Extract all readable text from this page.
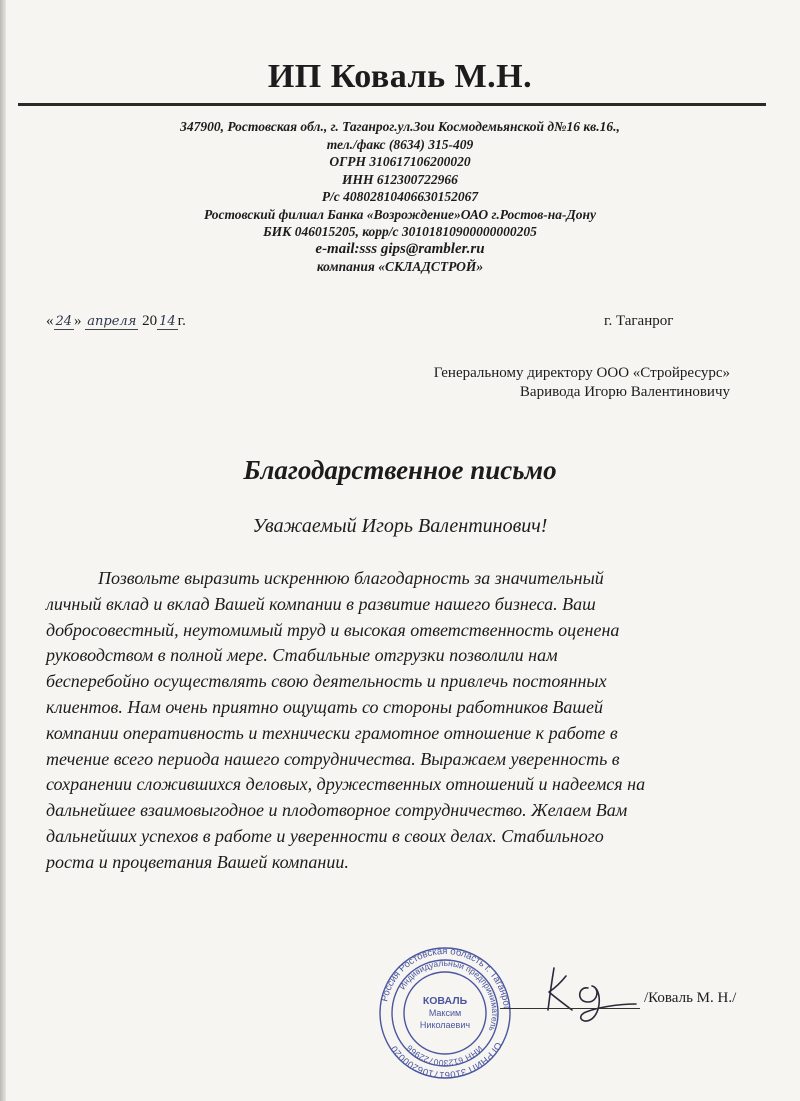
ИП Коваль М.Н.
347900, Ростовская обл., г. Таганрог.ул.Зои Космодемьянской д№16 кв.16.,
тел./факс (8634) 315-409
ОГРН 310617106200020
ИНН 612300722966
Р/с 40802810406630152067
Ростовский филиал Банка «Возрождение»ОАО г.Ростов-на-Дону
БИК 046015205, корр/с 30101810900000000205
e-mail:sss gips@rambler.ru
компания «СКЛАДСТРОЙ»
« 24 » апреля 20 14 г.	г. Таганрог
Генеральному директору ООО «Стройресурс»
Варивода Игорю Валентиновичу
Благодарственное письмо
Уважаемый Игорь Валентинович!
Позвольте выразить искреннюю благодарность за значительный
личный вклад и вклад Вашей компании в развитие нашего бизнеса. Ваш
добросовестный, неутомимый труд и высокая ответственность оценена
руководством в полной мере. Стабильные отгрузки позволили нам
бесперебойно осуществлять свою деятельность и привлечь постоянных
клиентов. Нам очень приятно ощущать со стороны работников Вашей
компании оперативность и технически грамотное отношение к работе в
течение всего периода нашего сотрудничества. Выражаем уверенность в
сохранении сложившихся деловых, дружественных отношений и надеемся на
дальнейшее взаимовыгодное и плодотворное сотрудничество. Желаем Вам
дальнейших успехов в работе и уверенности в своих делах. Стабильного
роста и процветания Вашей компании.
Россия Ростовская область г. Таганро
ОГРНИП 310617106200020
Индивидуальный предприниматель
ИНН 612300722966
КОВАЛЬ
Максим
Николаевич
/Коваль М. Н./
